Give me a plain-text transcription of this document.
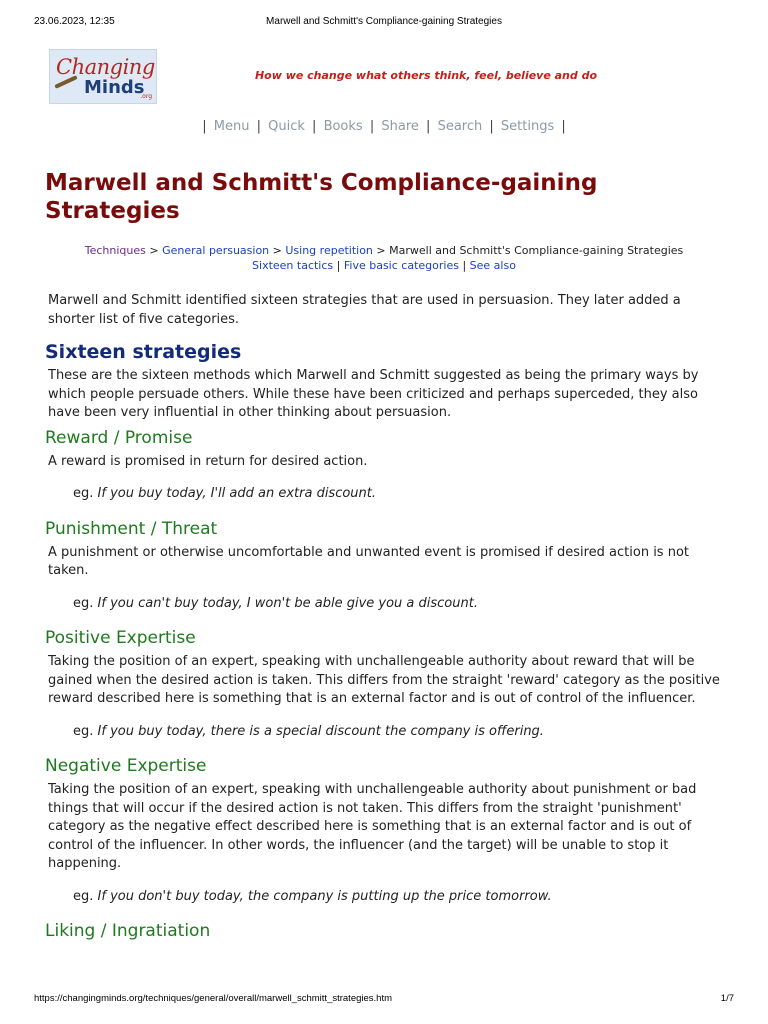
23.06.2023, 12:35	Marwell and Schmitt's Compliance-gaining Strategies
Changing
Minds
.org
How we change what others think, feel, believe and do
| Menu | Quick | Books | Share | Search | Settings |
Marwell and Schmitt's Compliance-gaining Strategies
Techniques > General persuasion > Using repetition > Marwell and Schmitt's Compliance-gaining Strategies
Sixteen tactics | Five basic categories | See also

Marwell and Schmitt identified sixteen strategies that are used in persuasion. They later added a shorter list of five categories.

Sixteen strategies

These are the sixteen methods which Marwell and Schmitt suggested as being the primary ways by which people persuade others. While these have been criticized and perhaps superceded, they also have been very influential in other thinking about persuasion.

Reward / Promise

A reward is promised in return for desired action.

eg. If you buy today, I'll add an extra discount.

Punishment / Threat

A punishment or otherwise uncomfortable and unwanted event is promised if desired action is not taken.

eg. If you can't buy today, I won't be able give you a discount.

Positive Expertise

Taking the position of an expert, speaking with unchallengeable authority about reward that will be gained when the desired action is taken. This differs from the straight 'reward' category as the positive reward described here is something that is an external factor and is out of control of the influencer.

eg. If you buy today, there is a special discount the company is offering.

Negative Expertise

Taking the position of an expert, speaking with unchallengeable authority about punishment or bad things that will occur if the desired action is not taken. This differs from the straight 'punishment' category as the negative effect described here is something that is an external factor and is out of control of the influencer. In other words, the influencer (and the target) will be unable to stop it happening.

eg. If you don't buy today, the company is putting up the price tomorrow.

Liking / Ingratiation
https://changingminds.org/techniques/general/overall/marwell_schmitt_strategies.htm	1/7
